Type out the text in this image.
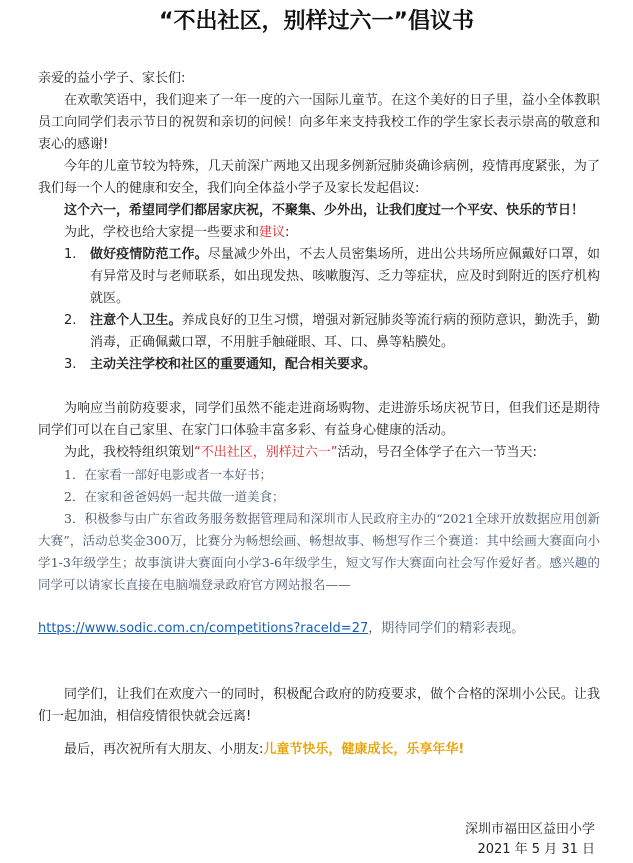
“不出社区，别样过六一”倡议书

亲爱的益小学子、家长们:

在欢歌笑语中，我们迎来了一年一度的六一国际儿童节。在这个美好的日子里，益小全体教职员工向同学们表示节日的祝贺和亲切的问候！向多年来支持我校工作的学生家长表示崇高的敬意和衷心的感谢!

今年的儿童节较为特殊，几天前深广两地又出现多例新冠肺炎确诊病例，疫情再度紧张，为了我们每一个人的健康和安全，我们向全体益小学子及家长发起倡议:

这个六一，希望同学们都居家庆祝，不聚集、少外出，让我们度过一个平安、快乐的节日！

为此，学校也给大家提一些要求和建议:

1. 做好疫情防范工作。尽量减少外出，不去人员密集场所，进出公共场所应佩戴好口罩，如有异常及时与老师联系，如出现发热、咳嗽腹泻、乏力等症状，应及时到附近的医疗机构就医。
2. 注意个人卫生。养成良好的卫生习惯，增强对新冠肺炎等流行病的预防意识，勤洗手，勤消毒，正确佩戴口罩，不用脏手触碰眼、耳、口、鼻等粘膜处。
3. 主动关注学校和社区的重要通知，配合相关要求。

为响应当前防疫要求，同学们虽然不能走进商场购物、走进游乐场庆祝节日，但我们还是期待同学们可以在自己家里、在家门口体验丰富多彩、有益身心健康的活动。

为此，我校特组织策划“不出社区，别样过六一”活动，号召全体学子在六一节当天:

1．在家看一部好电影或者一本好书；

2．在家和爸爸妈妈一起共做一道美食；

3．积极参与由广东省政务服务数据管理局和深圳市人民政府主办的“2021全球开放数据应用创新大赛”，活动总奖金300万，比赛分为畅想绘画、畅想故事、畅想写作三个赛道：其中绘画大赛面向小学1-3年级学生；故事演讲大赛面向小学3-6年级学生，短文写作大赛面向社会写作爱好者。感兴趣的同学可以请家长直接在电脑端登录政府官方网站报名——

https://www.sodic.com.cn/competitions?raceId=27，期待同学们的精彩表现。

同学们，让我们在欢度六一的同时，积极配合政府的防疫要求，做个合格的深圳小公民。让我们一起加油，相信疫情很快就会远离!

最后，再次祝所有大朋友、小朋友:儿童节快乐，健康成长，乐享年华!

深圳市福田区益田小学
2021 年 5 月 31 日
